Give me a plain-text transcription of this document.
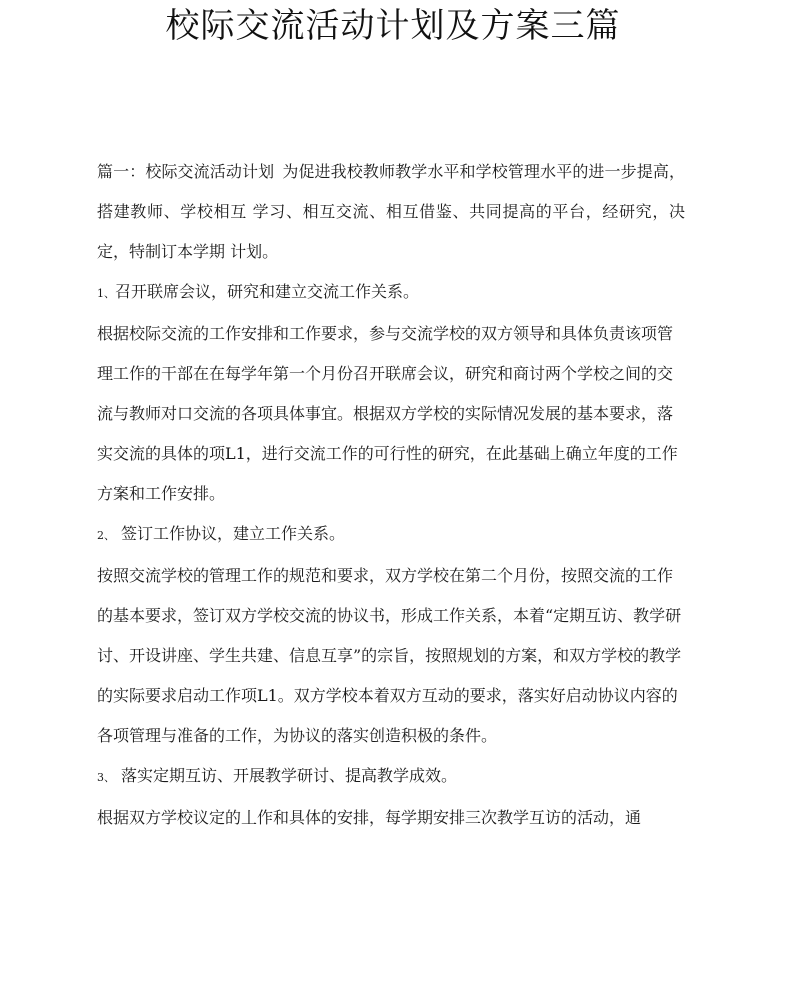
校际交流活动计划及方案三篇

篇一：校际交流活动计划 为促进我校教师教学水平和学校管理水平的进一步提高，搭建教师、学校相互 学习、相互交流、相互借鉴、共同提高的平台，经研究，决定，特制订本学期 计划。

1、召开联席会议，研究和建立交流工作关系。

根据校际交流的工作安排和工作要求，参与交流学校的双方领导和具体负责该项管理工作的干部在在每学年第一个月份召开联席会议，研究和商讨两个学校之间的交流与教师对口交流的各项具体事宜。根据双方学校的实际情况发展的基本要求，落实交流的具体的项L1，进行交流工作的可行性的研究，在此基础上确立年度的工作方案和工作安排。

2、 签订工作协议，建立工作关系。

按照交流学校的管理工作的规范和要求，双方学校在第二个月份，按照交流的工作的基本要求，签订双方学校交流的协议书，形成工作关系，本着“定期互访、教学研讨、开设讲座、学生共建、信息互享”的宗旨，按照规划的方案，和双方学校的教学的实际要求启动工作项L1。双方学校本着双方互动的要求，落实好启动协议内容的各项管理与准备的工作，为协议的落实创造积极的条件。

3、 落实定期互访、开展教学研讨、提高教学成效。

根据双方学校议定的丄作和具体的安排，每学期安排三次教学互访的活动，通
